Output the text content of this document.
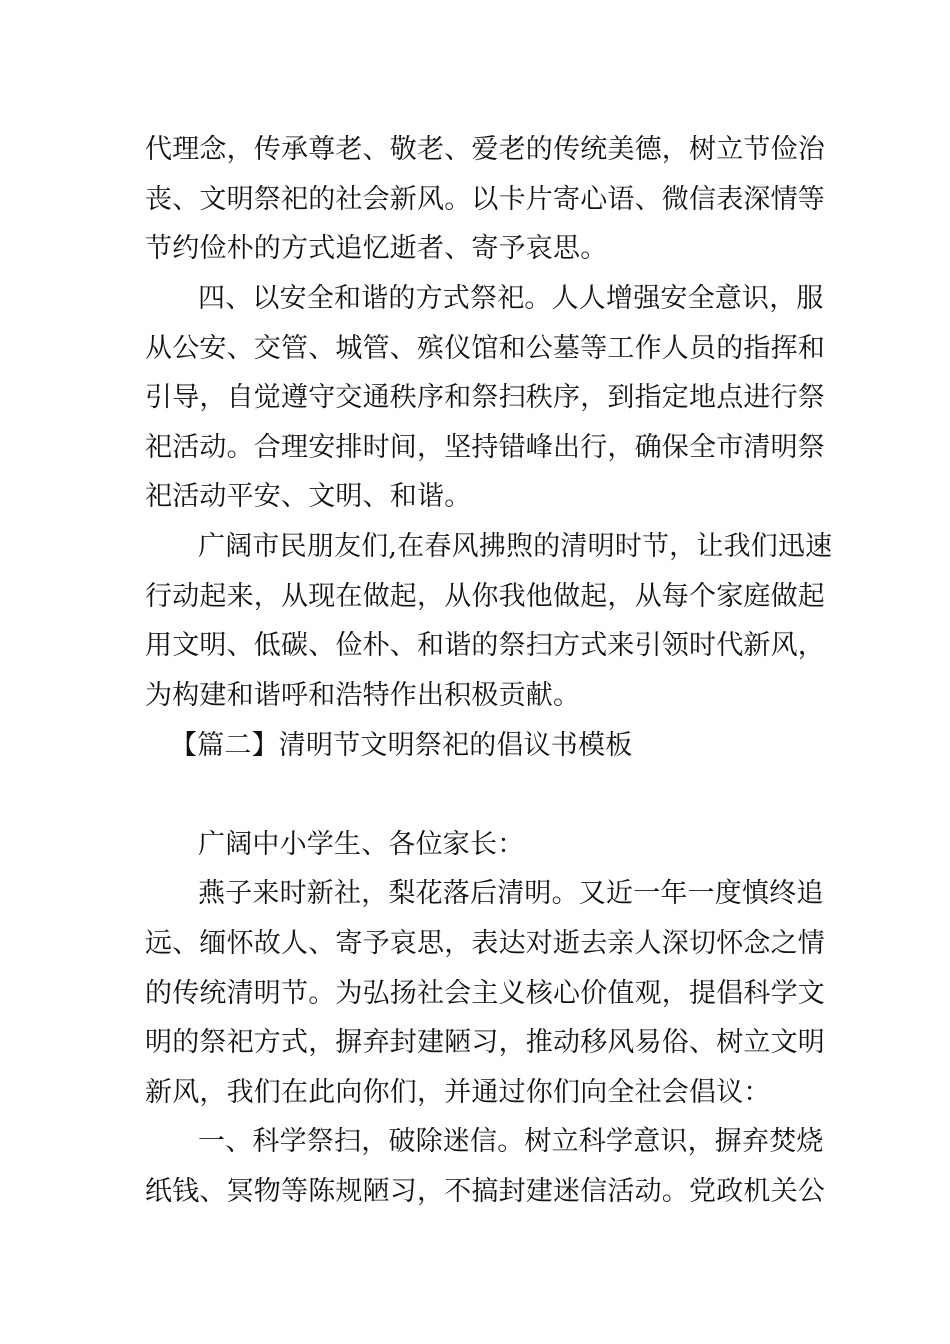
代理念，传承尊老、敬老、爱老的传统美德，树立节俭治
丧、文明祭祀的社会新风。以卡片寄心语、微信表深情等
节约俭朴的方式追忆逝者、寄予哀思。
四、以安全和谐的方式祭祀。人人增强安全意识，服
从公安、交管、城管、殡仪馆和公墓等工作人员的指挥和
引导，自觉遵守交通秩序和祭扫秩序，到指定地点进行祭
祀活动。合理安排时间，坚持错峰出行，确保全市清明祭
祀活动平安、文明、和谐。
广阔市民朋友们,在春风拂煦的清明时节，让我们迅速
行动起来，从现在做起，从你我他做起，从每个家庭做起
用文明、低碳、俭朴、和谐的祭扫方式来引领时代新风，
为构建和谐呼和浩特作出积极贡献。
【篇二】清明节文明祭祀的倡议书模板
广阔中小学生、各位家长：
燕子来时新社，梨花落后清明。又近一年一度慎终追
远、缅怀故人、寄予哀思，表达对逝去亲人深切怀念之情
的传统清明节。为弘扬社会主义核心价值观，提倡科学文
明的祭祀方式，摒弃封建陋习，推动移风易俗、树立文明
新风，我们在此向你们，并通过你们向全社会倡议：
一、科学祭扫，破除迷信。树立科学意识，摒弃焚烧
纸钱、冥物等陈规陋习，不搞封建迷信活动。党政机关公
